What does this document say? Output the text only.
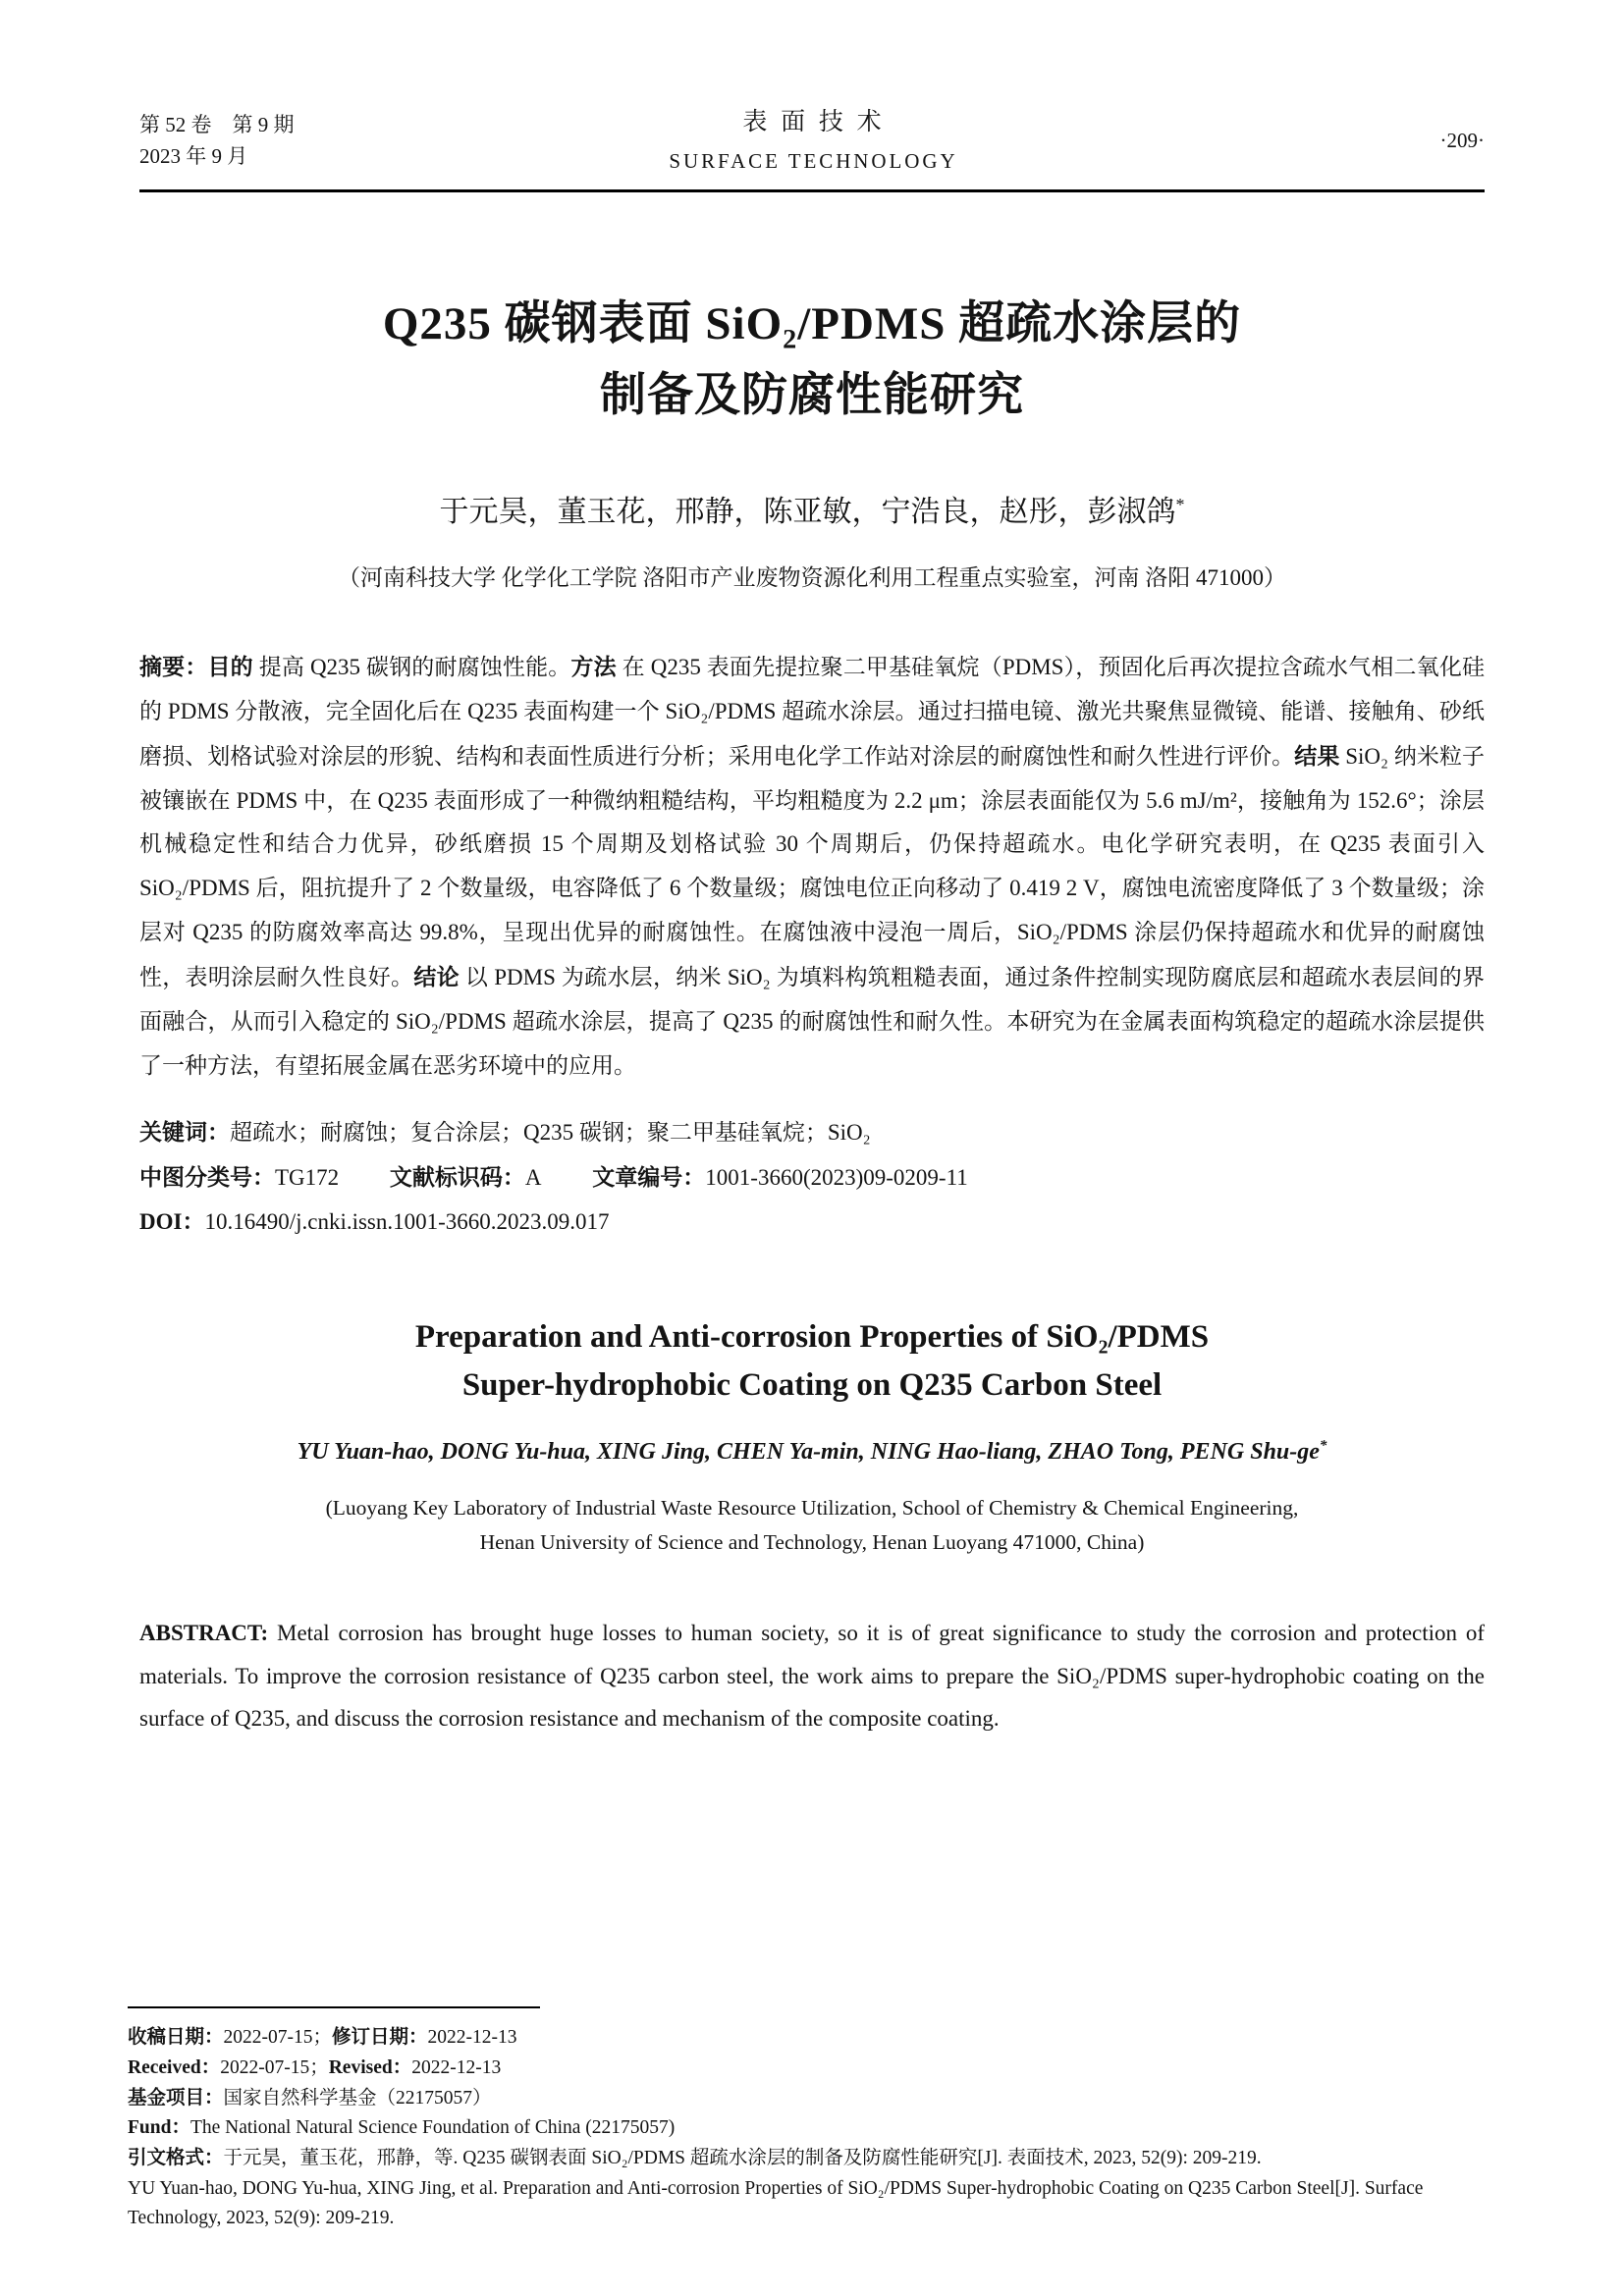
第 52 卷　第 9 期
2023 年 9 月
表面技术
SURFACE TECHNOLOGY
·209·
Q235 碳钢表面 SiO₂/PDMS 超疏水涂层的
制备及防腐性能研究
于元昊，董玉花，邢静，陈亚敏，宁浩良，赵彤，彭淑鸽*
（河南科技大学 化学化工学院 洛阳市产业废物资源化利用工程重点实验室，河南 洛阳 471000）

摘要：目的 提高 Q235 碳钢的耐腐蚀性能。方法 在 Q235 表面先提拉聚二甲基硅氧烷（PDMS），预固化后再次提拉含疏水气相二氧化硅的 PDMS 分散液，完全固化后在 Q235 表面构建一个 SiO₂/PDMS 超疏水涂层。通过扫描电镜、激光共聚焦显微镜、能谱、接触角、砂纸磨损、划格试验对涂层的形貌、结构和表面性质进行分析；采用电化学工作站对涂层的耐腐蚀性和耐久性进行评价。结果 SiO₂ 纳米粒子被镶嵌在 PDMS 中，在 Q235 表面形成了一种微纳粗糙结构，平均粗糙度为 2.2 μm；涂层表面能仅为 5.6 mJ/m²，接触角为 152.6°；涂层机械稳定性和结合力优异，砂纸磨损 15 个周期及划格试验 30 个周期后，仍保持超疏水。电化学研究表明，在 Q235 表面引入 SiO₂/PDMS 后，阻抗提升了 2 个数量级，电容降低了 6 个数量级；腐蚀电位正向移动了 0.419 2 V，腐蚀电流密度降低了 3 个数量级；涂层对 Q235 的防腐效率高达 99.8%，呈现出优异的耐腐蚀性。在腐蚀液中浸泡一周后，SiO₂/PDMS 涂层仍保持超疏水和优异的耐腐蚀性，表明涂层耐久性良好。结论 以 PDMS 为疏水层，纳米 SiO₂ 为填料构筑粗糙表面，通过条件控制实现防腐底层和超疏水表层间的界面融合，从而引入稳定的 SiO₂/PDMS 超疏水涂层，提高了 Q235 的耐腐蚀性和耐久性。本研究为在金属表面构筑稳定的超疏水涂层提供了一种方法，有望拓展金属在恶劣环境中的应用。

关键词：超疏水；耐腐蚀；复合涂层；Q235 碳钢；聚二甲基硅氧烷；SiO₂
中图分类号：TG172 文献标识码：A 文章编号：1001-3660(2023)09-0209-11
DOI：10.16490/j.cnki.issn.1001-3660.2023.09.017
Preparation and Anti-corrosion Properties of SiO₂/PDMS
Super-hydrophobic Coating on Q235 Carbon Steel
YU Yuan-hao, DONG Yu-hua, XING Jing, CHEN Ya-min, NING Hao-liang, ZHAO Tong, PENG Shu-ge*
(Luoyang Key Laboratory of Industrial Waste Resource Utilization, School of Chemistry & Chemical Engineering,
Henan University of Science and Technology, Henan Luoyang 471000, China)

ABSTRACT: Metal corrosion has brought huge losses to human society, so it is of great significance to study the corrosion and protection of materials. To improve the corrosion resistance of Q235 carbon steel, the work aims to prepare the SiO₂/PDMS super-hydrophobic coating on the surface of Q235, and discuss the corrosion resistance and mechanism of the composite coating.

收稿日期：2022-07-15；修订日期：2022-12-13
Received：2022-07-15；Revised：2022-12-13
基金项目：国家自然科学基金（22175057）
Fund：The National Natural Science Foundation of China (22175057)
引文格式：于元昊，董玉花，邢静，等. Q235 碳钢表面 SiO₂/PDMS 超疏水涂层的制备及防腐性能研究[J]. 表面技术, 2023, 52(9): 209-219.
YU Yuan-hao, DONG Yu-hua, XING Jing, et al. Preparation and Anti-corrosion Properties of SiO₂/PDMS Super-hydrophobic Coating on Q235 Carbon Steel[J]. Surface Technology, 2023, 52(9): 209-219.
